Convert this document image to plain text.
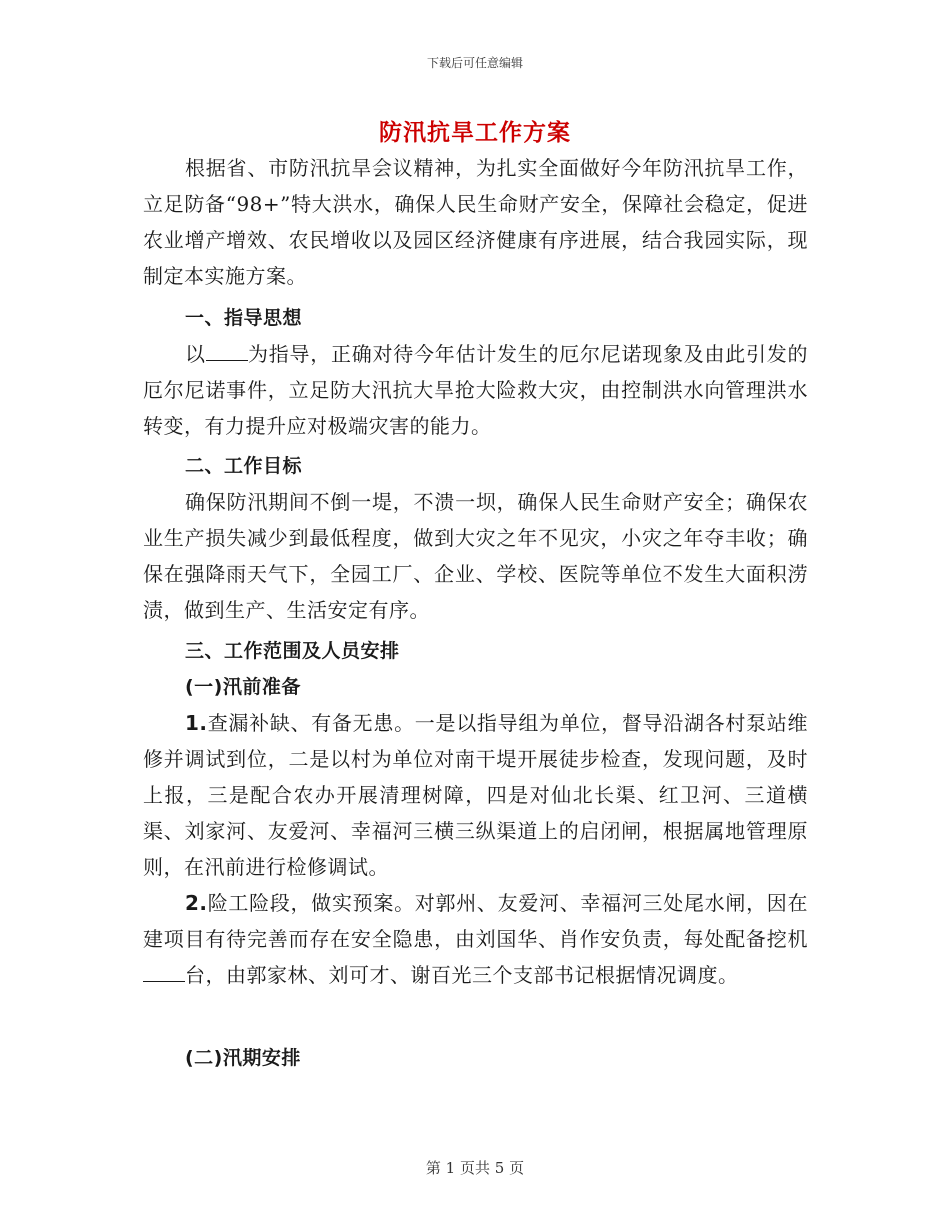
下载后可任意编辑
防汛抗旱工作方案

根据省、市防汛抗旱会议精神，为扎实全面做好今年防汛抗旱工作，立足防备“98+”特大洪水，确保人民生命财产安全，保障社会稳定，促进农业增产增效、农民增收以及园区经济健康有序进展，结合我园实际，现制定本实施方案。

一、指导思想

以 为指导，正确对待今年估计发生的厄尔尼诺现象及由此引发的厄尔尼诺事件，立足防大汛抗大旱抢大险救大灾，由控制洪水向管理洪水转变，有力提升应对极端灾害的能力。

二、工作目标

确保防汛期间不倒一堤，不溃一坝，确保人民生命财产安全；确保农业生产损失减少到最低程度，做到大灾之年不见灾，小灾之年夺丰收；确保在强降雨天气下，全园工厂、企业、学校、医院等单位不发生大面积涝渍，做到生产、生活安定有序。

三、工作范围及人员安排

(一)汛前准备

1.查漏补缺、有备无患。一是以指导组为单位，督导沿湖各村泵站维修并调试到位，二是以村为单位对南干堤开展徒步检查，发现问题，及时上报，三是配合农办开展清理树障，四是对仙北长渠、红卫河、三道横渠、刘家河、友爱河、幸福河三横三纵渠道上的启闭闸，根据属地管理原则，在汛前进行检修调试。

2.险工险段，做实预案。对郭州、友爱河、幸福河三处尾水闸，因在建项目有待完善而存在安全隐患，由刘国华、肖作安负责，每处配备挖机台，由郭家林、刘可才、谢百光三个支部书记根据情况调度。

(二)汛期安排

第 1 页共 5 页
